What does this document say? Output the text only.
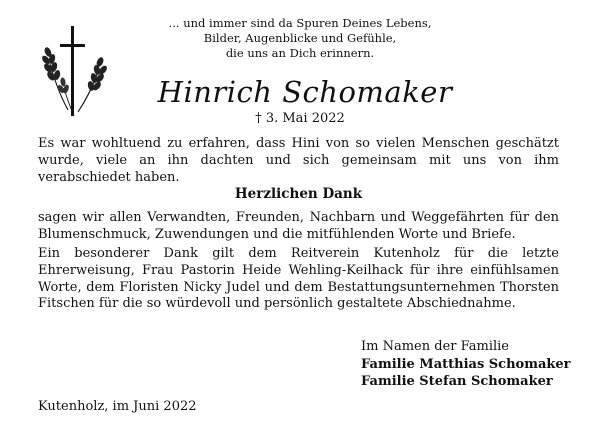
... und immer sind da Spuren Deines Lebens,
Bilder, Augenblicke und Gefühle,
die uns an Dich erinnern.
Hinrich Schomaker
† 3. Mai 2022
Es war wohltuend zu erfahren, dass Hini von so vielen Menschen geschätzt wurde, viele an ihn dachten und sich gemeinsam mit uns von ihm verabschiedet haben.
Herzlichen Dank
sagen wir allen Verwandten, Freunden, Nachbarn und Weggefährten für den Blumenschmuck, Zuwendungen und die mitfühlenden Worte und Briefe.
Ein besonderer Dank gilt dem Reitverein Kutenholz für die letzte Ehrerweisung, Frau Pastorin Heide Wehling-Keilhack für ihre einfühlsamen Worte, dem Floristen Nicky Judel und dem Bestattungsunternehmen Thorsten Fitschen für die so würdevoll und persönlich gestaltete Abschiednahme.
Im Namen der Familie
Familie Matthias Schomaker
Familie Stefan Schomaker
Kutenholz, im Juni 2022
